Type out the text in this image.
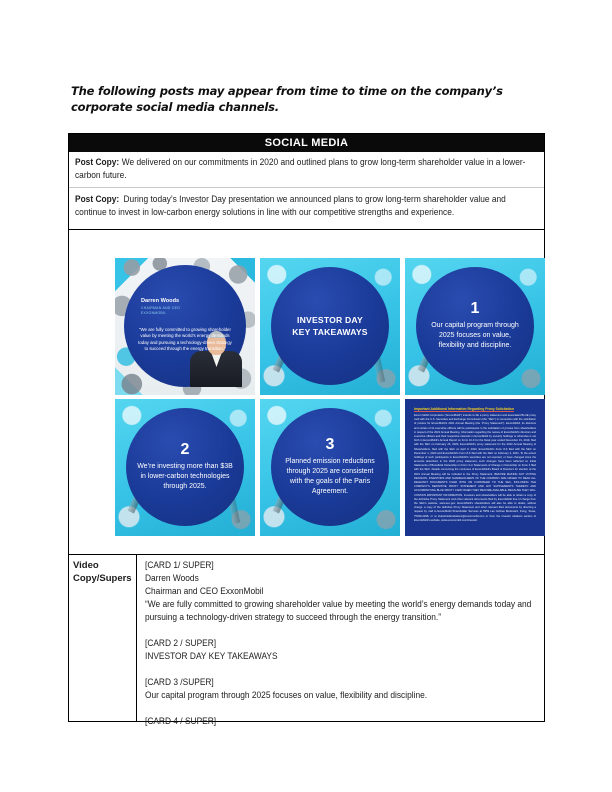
The following posts may appear from time to time on the company’s corporate social media channels.

SOCIAL MEDIA
Post Copy: We delivered on our commitments in 2020 and outlined plans to grow long-term shareholder value in a lower-carbon future.
Post Copy: During today’s Investor Day presentation we announced plans to grow long-term shareholder value and continue to invest in low-carbon energy solutions in line with our competitive strengths and experience.
Darren Woods
CHAIRMAN AND CEO
EXXONMOBIL
“We are fully committed to growing shareholder value by meeting the world’s energy demands today and pursuing a technology-driven strategy to succeed through the energy transition.”
INVESTOR DAY
KEY TAKEAWAYS
1
Our capital program through 2025 focuses on value, flexibility and discipline.
2
We’re investing more than $3B in lower-carbon technologies through 2025.
3
Planned emission reductions through 2025 are consistent with the goals of the Paris Agreement.
Important Additional Information Regarding Proxy Solicitation
Exxon Mobil Corporation (“ExxonMobil”) intends to file a proxy statement and associated BLUE proxy card with the U.S. Securities and Exchange Commission (the “SEC”) in connection with the solicitation of proxies for ExxonMobil’s 2021 Annual Meeting (the “Proxy Statement”). ExxonMobil, its directors and certain of its executive officers will be participants in the solicitation of proxies from shareholders in respect of the 2021 Annual Meeting. Information regarding the names of ExxonMobil’s directors and executive officers and their respective interests in ExxonMobil by security holdings or otherwise is set forth in ExxonMobil’s Annual Report on Form 10-K for the fiscal year ended December 31, 2019, filed with the SEC on February 26, 2020, ExxonMobil’s proxy statement for the 2020 Annual Meeting of Shareholders, filed with the SEC on April 9, 2020, ExxonMobil’s Form 8-K filed with the SEC on December 1, 2020 and ExxonMobil’s Form 8-K filed with the SEC on February 2, 2021. To the extent holdings of such participants in ExxonMobil’s securities are not reported, or have changed since the amounts described, in the 2020 proxy statement, such changes have been reflected on Initial Statements of Beneficial Ownership on Form 3 or Statements of Change in Ownership on Form 4 filed with the SEC. Details concerning the nominees of ExxonMobil’s Board of Directors for election at the 2021 Annual Meeting will be included in the Proxy Statement. BEFORE MAKING ANY VOTING DECISION, INVESTORS AND SHAREHOLDERS OF THE COMPANY ARE URGED TO READ ALL RELEVANT DOCUMENTS FILED WITH OR FURNISHED TO THE SEC, INCLUDING THE COMPANY’S DEFINITIVE PROXY STATEMENT AND ANY SUPPLEMENTS THERETO AND ACCOMPANYING BLUE PROXY CARD WHEN THEY BECOME AVAILABLE, BECAUSE THEY WILL CONTAIN IMPORTANT INFORMATION. Investors and shareholders will be able to obtain a copy of the definitive Proxy Statement and other relevant documents filed by ExxonMobil free of charge from the SEC’s website, www.sec.gov. ExxonMobil’s shareholders will also be able to obtain, without charge, a copy of the definitive Proxy Statement and other relevant filed documents by directing a request by mail to ExxonMobil Shareholder Services at 5959 Las Colinas Boulevard, Irving, Texas, 75039-2298, or at shareholderrelations@exxonmobil.com or from the investor relations section of ExxonMobil’s website, www.exxonmobil.com/investor.
Video Copy/Supers
[CARD 1/ SUPER]
Darren Woods
Chairman and CEO ExxonMobil
“We are fully committed to growing shareholder value by meeting the world’s energy demands today and pursuing a technology-driven strategy to succeed through the energy transition.”

[CARD 2 / SUPER]
INVESTOR DAY KEY TAKEAWAYS

[CARD 3 /SUPER]
Our capital program through 2025 focuses on value, flexibility and discipline.

[CARD 4 / SUPER]
